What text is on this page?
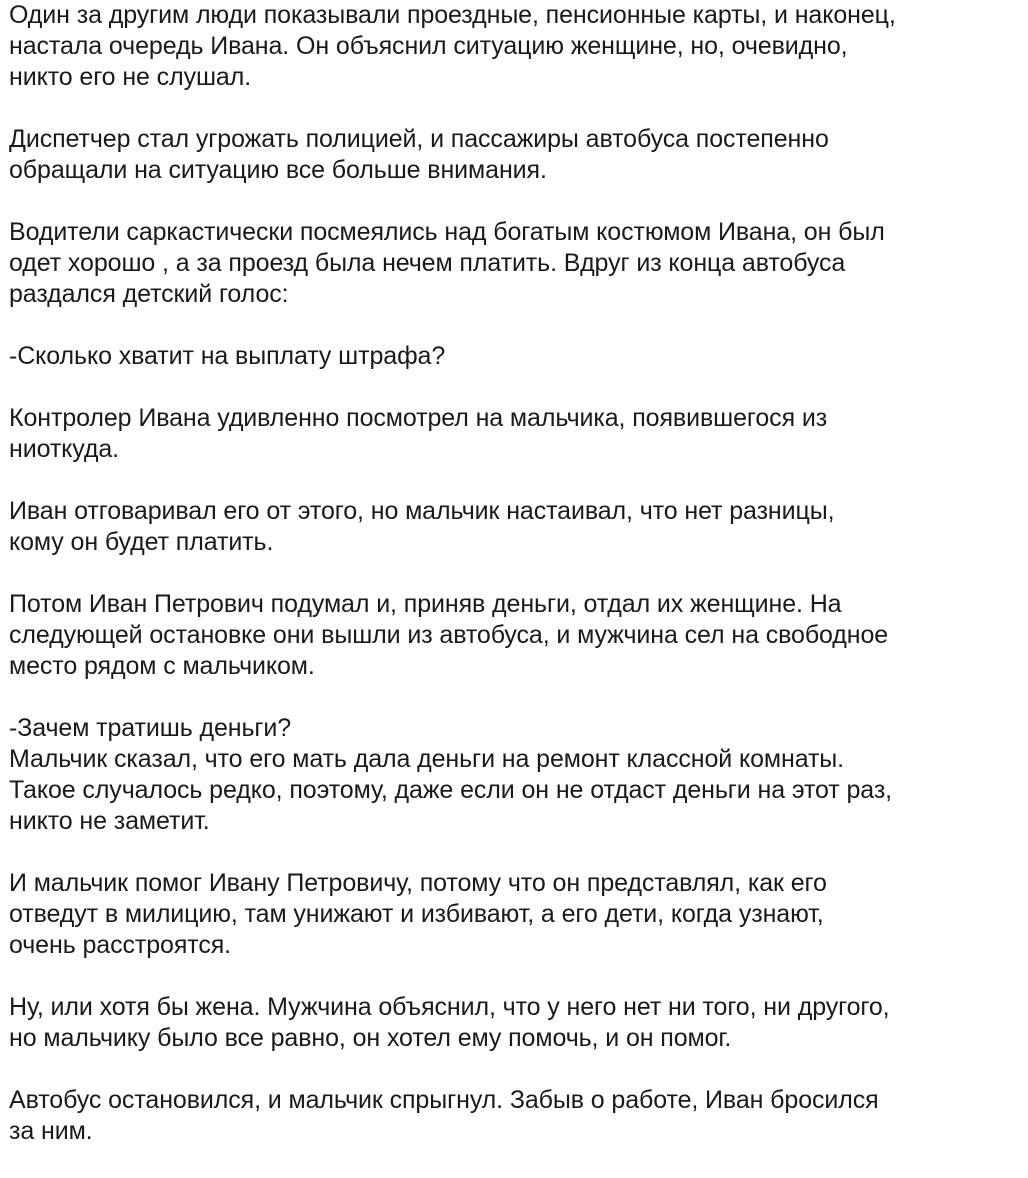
Один за другим люди показывали проездные, пенсионные карты, и наконец,
настала очередь Ивана. Он объяснил ситуацию женщине, но, очевидно,
никто его не слушал.

Диспетчер стал угрожать полицией, и пассажиры автобуса постепенно
обращали на ситуацию все больше внимания.

Водители саркастически посмеялись над богатым костюмом Ивана, он был
одет хорошо , а за проезд была нечем платить. Вдруг из конца автобуса
раздался детский голос:

-Сколько хватит на выплату штрафа?

Контролер Ивана удивленно посмотрел на мальчика, появившегося из
ниоткуда.

Иван отговаривал его от этого, но мальчик настаивал, что нет разницы,
кому он будет платить.

Потом Иван Петрович подумал и, приняв деньги, отдал их женщине. На
следующей остановке они вышли из автобуса, и мужчина сел на свободное
место рядом с мальчиком.

-Зачем тратишь деньги?

Мальчик сказал, что его мать дала деньги на ремонт классной комнаты.
Такое случалось редко, поэтому, даже если он не отдаст деньги на этот раз,
никто не заметит.

И мальчик помог Ивану Петровичу, потому что он представлял, как его
отведут в милицию, там унижают и избивают, а его дети, когда узнают,
очень расстроятся.

Ну, или хотя бы жена. Мужчина объяснил, что у него нет ни того, ни другого,
но мальчику было все равно, он хотел ему помочь, и он помог.

Автобус остановился, и мальчик спрыгнул. Забыв о работе, Иван бросился
за ним.
